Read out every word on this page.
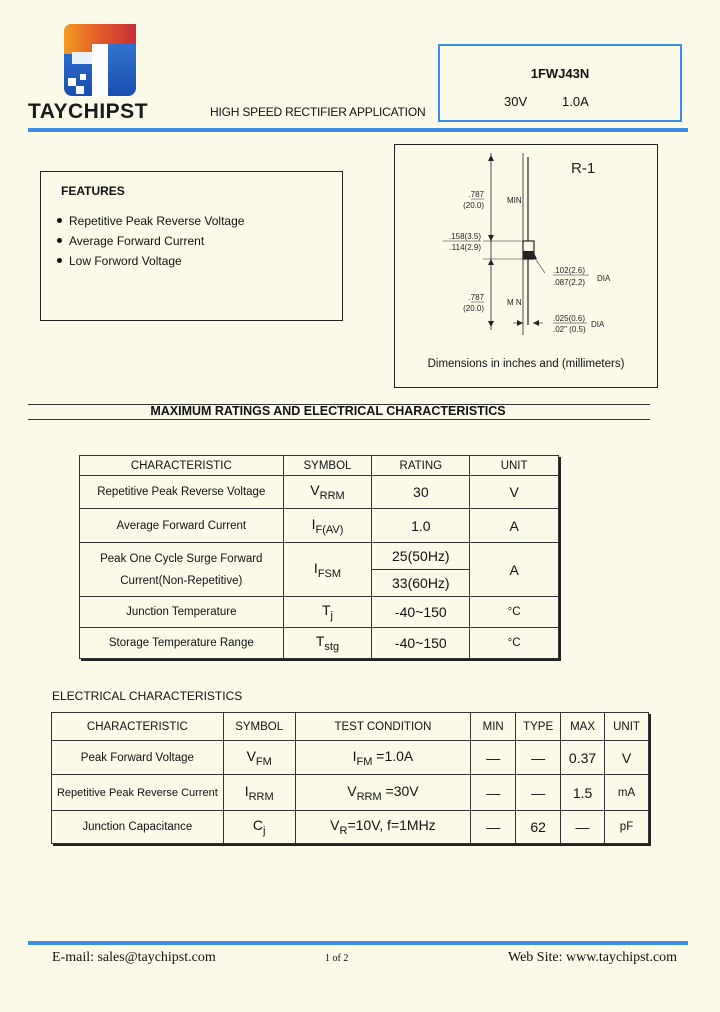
TAYCHIPST	HIGH SPEED RECTIFIER APPLICATION
1FWJ43N
30V	1.0A
FEATURES
Repetitive Peak Reverse Voltage
Average Forward Current
Low Forword Voltage
R-1
.787
(20.0)
MIN
.158(3.5)
.114(2.9)
.102(2.6)
.087(2.2) DIA
.787
(20.0)
M N
.025(0.6)
.02" (0.5)
DIA
Dimensions in inches and (millimeters)
MAXIMUM RATINGS AND ELECTRICAL CHARACTERISTICS
CHARACTERISTIC	SYMBOL	RATING	UNIT
Repetitive Peak Reverse Voltage	$V_{RRM}$	30	V
Average Forward Current	$I_{F(AV)}$	1.0	A

Peak One Cycle Surge Forward
Current(Non-Repetitive)	$I_{FSM}$	25(50Hz)	A
		33(60Hz)	
Junction Temperature	$T_j$	-40~150	°C
Storage Temperature Range	$T_{stg}$	-40~150	°C
ELECTRICAL CHARACTERISTICS
CHARACTERISTIC	SYMBOL	TEST CONDITION	MIN	TYPE	MAX	UNIT
Peak Forward Voltage	$V_{FM}$	$I_{FM} =1.0A$	—	—	0.37	V
Repetitive Peak Reverse Current	$I_{RRM}$	$V_{RRM} =30V$	—	—	1.5	mA
Junction Capacitance	$C_j$	$V_R=10V$, f=1MHz	—	62	—	pF
E-mail: sales@taychipst.com	1 of 2	Web Site: www.taychipst.com
